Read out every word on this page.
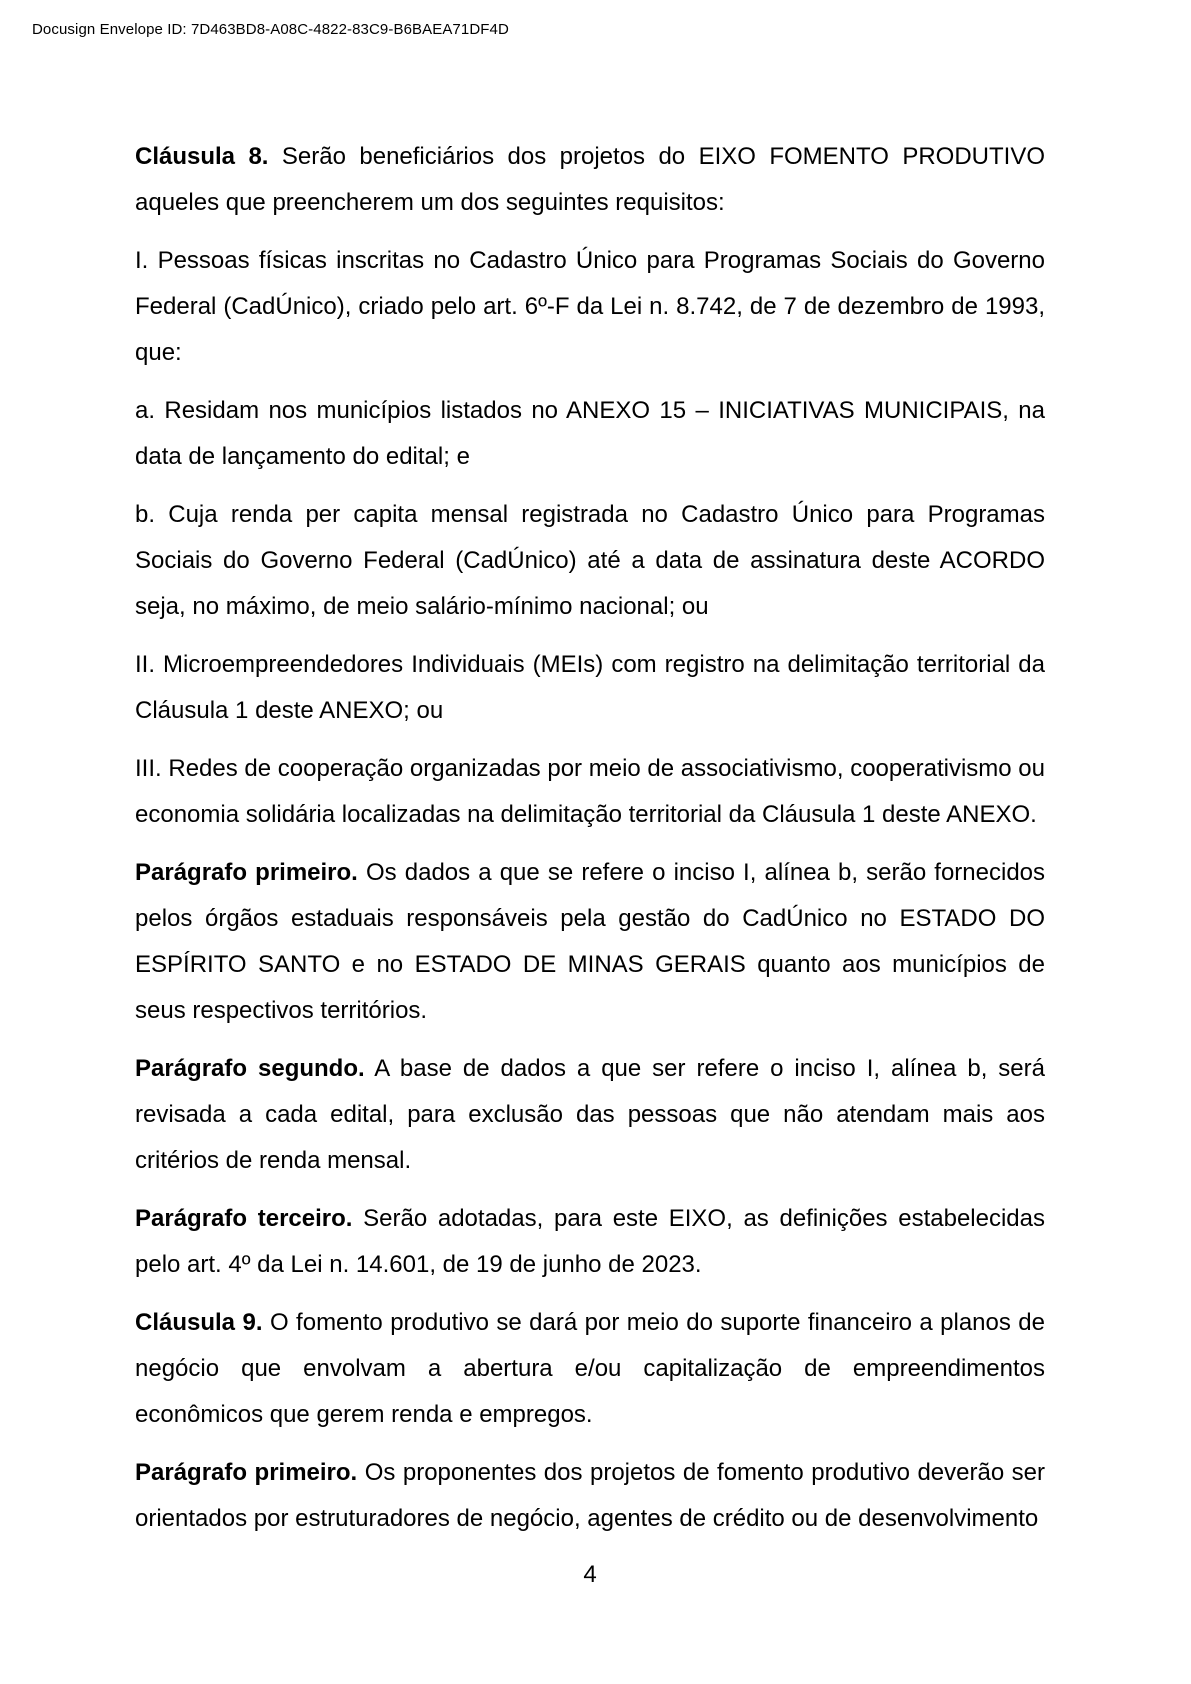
Docusign Envelope ID: 7D463BD8-A08C-4822-83C9-B6BAEA71DF4D

Cláusula 8. Serão beneficiários dos projetos do EIXO FOMENTO PRODUTIVO aqueles que preencherem um dos seguintes requisitos:

I. Pessoas físicas inscritas no Cadastro Único para Programas Sociais do Governo Federal (CadÚnico), criado pelo art. 6º-F da Lei n. 8.742, de 7 de dezembro de 1993, que:

a. Residam nos municípios listados no ANEXO 15 – INICIATIVAS MUNICIPAIS, na data de lançamento do edital; e

b. Cuja renda per capita mensal registrada no Cadastro Único para Programas Sociais do Governo Federal (CadÚnico) até a data de assinatura deste ACORDO seja, no máximo, de meio salário-mínimo nacional; ou

II. Microempreendedores Individuais (MEIs) com registro na delimitação territorial da Cláusula 1 deste ANEXO; ou

III. Redes de cooperação organizadas por meio de associativismo, cooperativismo ou economia solidária localizadas na delimitação territorial da Cláusula 1 deste ANEXO.

Parágrafo primeiro. Os dados a que se refere o inciso I, alínea b, serão fornecidos pelos órgãos estaduais responsáveis pela gestão do CadÚnico no ESTADO DO ESPÍRITO SANTO e no ESTADO DE MINAS GERAIS quanto aos municípios de seus respectivos territórios.

Parágrafo segundo. A base de dados a que ser refere o inciso I, alínea b, será revisada a cada edital, para exclusão das pessoas que não atendam mais aos critérios de renda mensal.

Parágrafo terceiro. Serão adotadas, para este EIXO, as definições estabelecidas pelo art. 4º da Lei n. 14.601, de 19 de junho de 2023.

Cláusula 9. O fomento produtivo se dará por meio do suporte financeiro a planos de negócio que envolvam a abertura e/ou capitalização de empreendimentos econômicos que gerem renda e empregos.

Parágrafo primeiro. Os proponentes dos projetos de fomento produtivo deverão ser orientados por estruturadores de negócio, agentes de crédito ou de desenvolvimento

4
